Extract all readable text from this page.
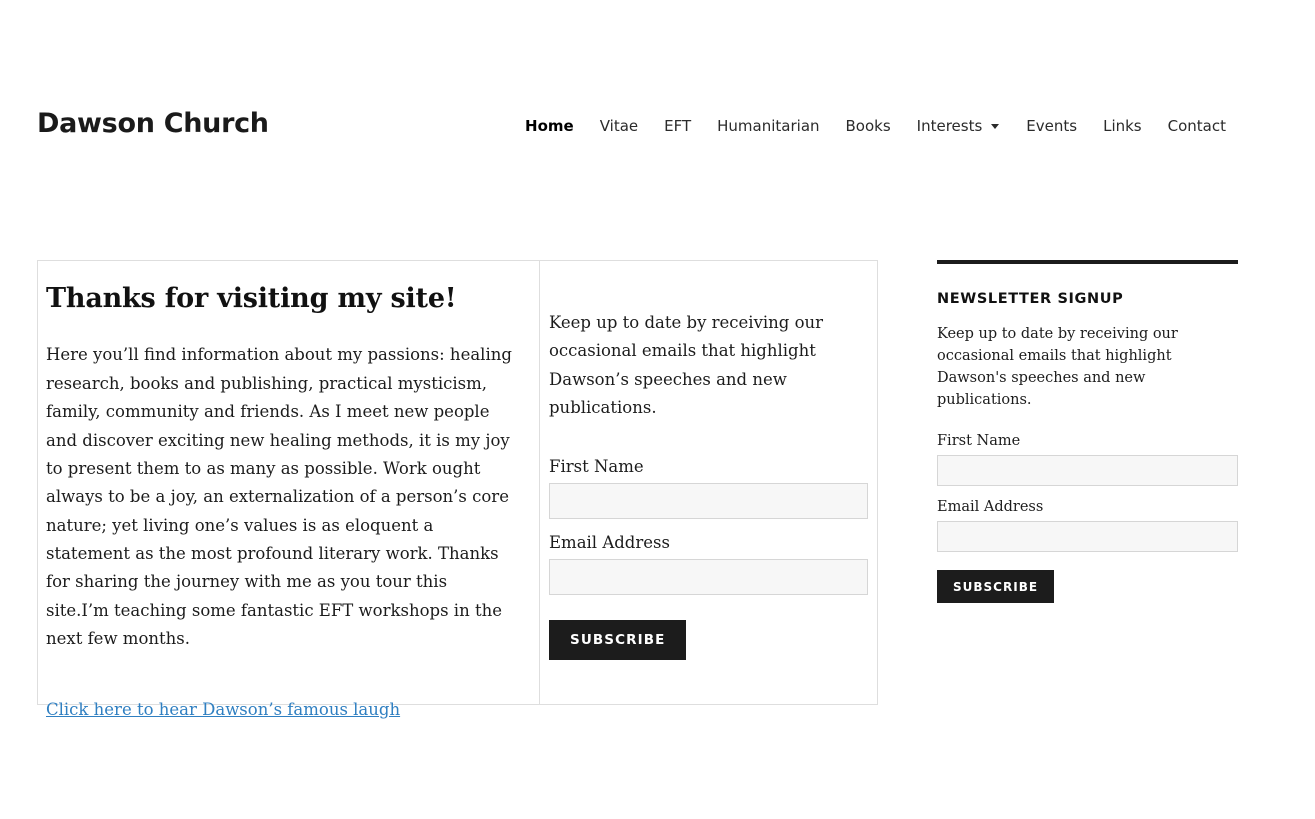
Dawson Church	Home	Vitae	EFT	Humanitarian	Books	Interests	Events	Links	Contact
Thanks for visiting my site!

Here you’ll find information about my passions: healing research, books and publishing, practical mysticism, family, community and friends. As I meet new people and discover exciting new healing methods, it is my joy to present them to as many as possible. Work ought always to be a joy, an externalization of a person’s core nature; yet living one’s values is as eloquent a statement as the most profound literary work. Thanks for sharing the journey with me as you tour this site.I’m teaching some fantastic EFT workshops in the next few months.

Click here to hear Dawson’s famous laugh

Keep up to date by receiving our occasional emails that highlight Dawson’s speeches and new publications.

First Name
Email Address
SUBSCRIBE
NEWSLETTER SIGNUP

Keep up to date by receiving our occasional emails that highlight Dawson's speeches and new publications.

First Name
Email Address
SUBSCRIBE
